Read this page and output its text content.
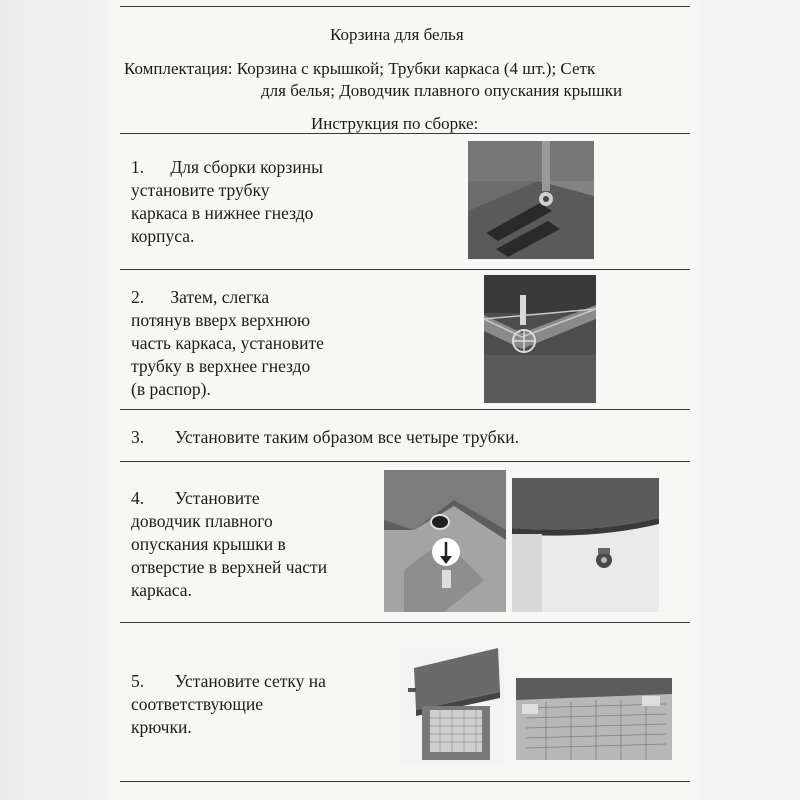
Корзина для белья
Комплектация: Корзина с крышкой; Трубки каркаса (4 шт.); Сетк
для белья; Доводчик плавного опускания крышки
Инструкция по сборке:
1.      Для сборки корзины
установите трубку
каркаса в нижнее гнездо
корпуса.
2.      Затем, слегка
потянув вверх верхнюю
часть каркаса, установите
трубку в верхнее гнездо
(в распор).
3.       Установите таким образом все четыре трубки.
4.       Установите
доводчик плавного
опускания крышки в
отверстие в верхней части
каркаса.
5.       Установите сетку на
соответствующие
крючки.
